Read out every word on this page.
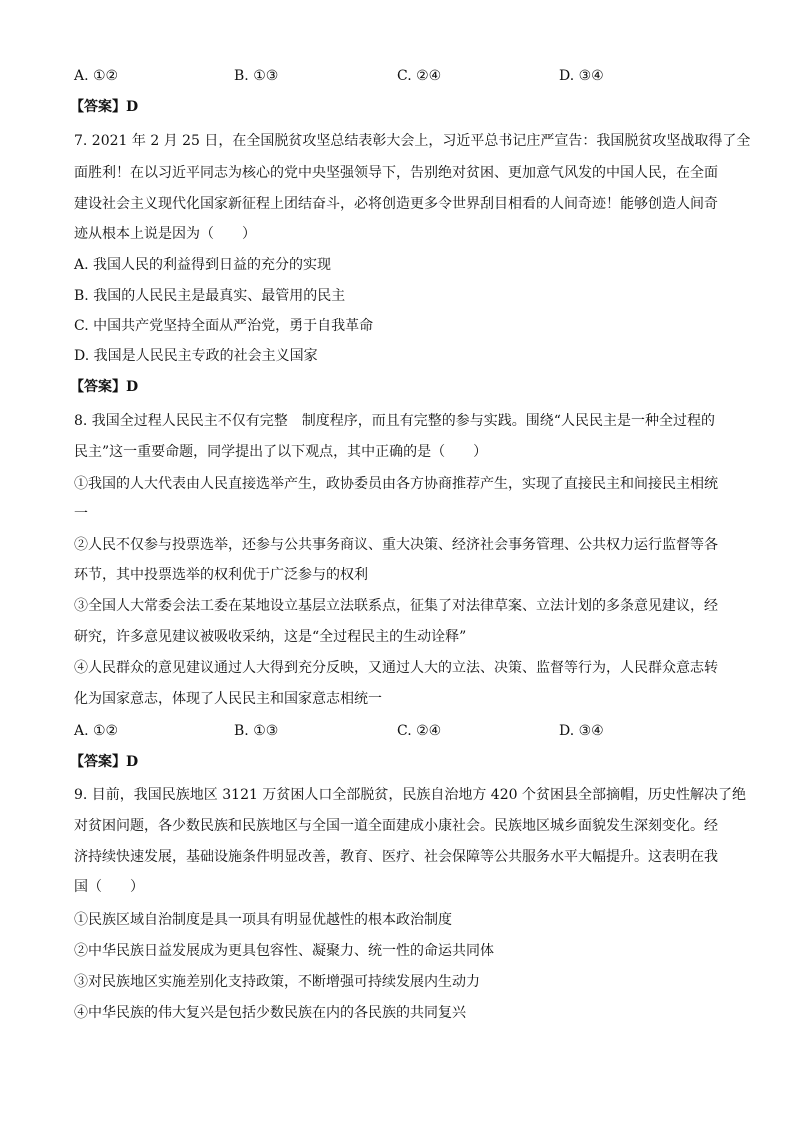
A. ①②	B. ①③	C. ②④	D. ③④
【答案】D
7. 2021 年 2 月 25 日，在全国脱贫攻坚总结表彰大会上，习近平总书记庄严宣告：我国脱贫攻坚战取得了全
面胜利！在以习近平同志为核心的党中央坚强领导下，告别绝对贫困、更加意气风发的中国人民，在全面
建设社会主义现代化国家新征程上团结奋斗，必将创造更多令世界刮目相看的人间奇迹！能够创造人间奇
迹从根本上说是因为（　　）
A. 我国人民的利益得到日益的充分的实现
B. 我国的人民民主是最真实、最管用的民主
C. 中国共产党坚持全面从严治党，勇于自我革命
D. 我国是人民民主专政的社会主义国家
【答案】D
8. 我国全过程人民民主不仅有完整　制度程序，而且有完整的参与实践。围绕“人民民主是一种全过程的
民主”这一重要命题，同学提出了以下观点，其中正确的是（　　）
①我国的人大代表由人民直接选举产生，政协委员由各方协商推荐产生，实现了直接民主和间接民主相统
一
②人民不仅参与投票选举，还参与公共事务商议、重大决策、经济社会事务管理、公共权力运行监督等各
环节，其中投票选举的权利优于广泛参与的权利
③全国人大常委会法工委在某地设立基层立法联系点，征集了对法律草案、立法计划的多条意见建议，经
研究，许多意见建议被吸收采纳，这是“全过程民主的生动诠释”
④人民群众的意见建议通过人大得到充分反映，又通过人大的立法、决策、监督等行为，人民群众意志转
化为国家意志，体现了人民民主和国家意志相统一
A. ①②	B. ①③	C. ②④	D. ③④
【答案】D
9. 目前，我国民族地区 3121 万贫困人口全部脱贫，民族自治地方 420 个贫困县全部摘帽，历史性解决了绝
对贫困问题，各少数民族和民族地区与全国一道全面建成小康社会。民族地区城乡面貌发生深刻变化。经
济持续快速发展，基础设施条件明显改善，教育、医疗、社会保障等公共服务水平大幅提升。这表明在我
国（　　）
①民族区域自治制度是具一项具有明显优越性的根本政治制度
②中华民族日益发展成为更具包容性、凝聚力、统一性的命运共同体
③对民族地区实施差别化支持政策，不断增强可持续发展内生动力
④中华民族的伟大复兴是包括少数民族在内的各民族的共同复兴
